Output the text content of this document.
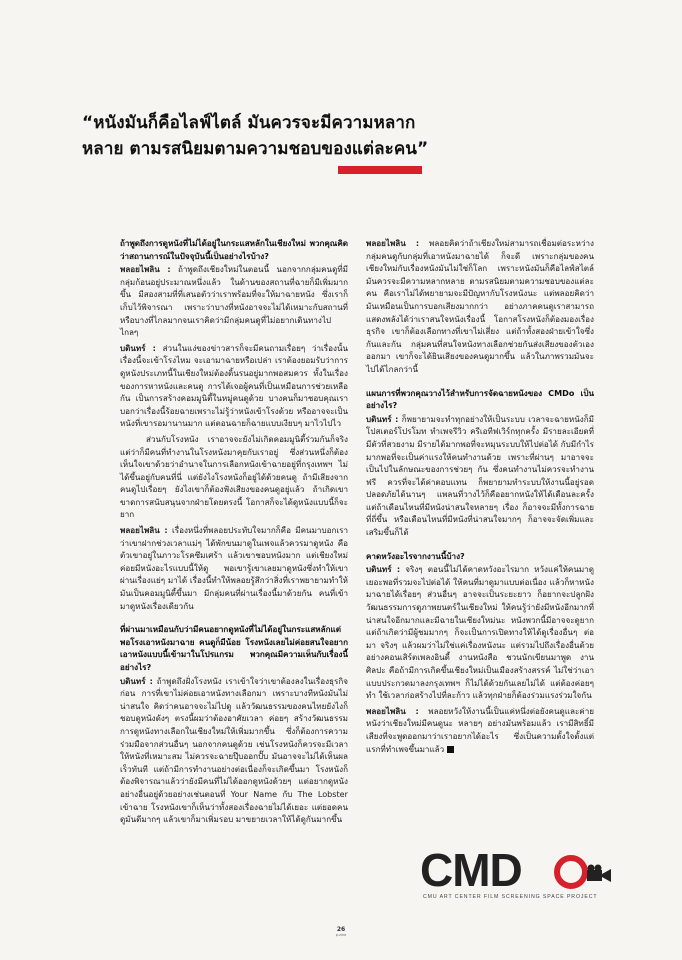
“หนังมันก็คือไลฟ์ไตล์ มันควรจะมีความหลากหลาย ตามรสนิยมตามความชอบของแต่ละคน”

ถ้าพูดถึงการดูหนังที่ไม่ได้อยู่ในกระแสหลักในเชียงใหม่ พวกคุณคิดว่าสถานการณ์ในปัจจุบันนี้เป็นอย่างไรบ้าง?

พลอยไพลิน : ถ้าพูดถึงเชียงใหม่ในตอนนี้ นอกจากกลุ่มคนดูที่มีกลุ่มก้อนอยู่ประมาณหนึ่งแล้ว ในด้านของสถานที่ฉายก็มีเพิ่มมากขึ้น มีสองสามที่ที่เสนอตัวว่าเราพร้อมที่จะให้มาฉายหนัง ซึ่งเราก็เก็บไว้พิจารณา เพราะว่าบางที่หนังอาจจะไม่ได้เหมาะกับสถานที่ หรือบางที่ไกลมากจนเราคิดว่ามีกลุ่มคนดูที่ไม่อยากเดินทางไปไกลๆ

บดินทร์ : ส่วนในแง่ของข่าวสารก็จะมีคนถามเรื่อยๆ ว่าเรื่องนั้นเรื่องนี้จะเข้าโรงไหม จะเอามาฉายหรือเปล่า เราต้องยอมรับว่าการดูหนังประเภทนี้ในเชียงใหม่ต้องดิ้นรนอยู่มากพอสมควร ทั้งในเรื่องของการหาหนังและคนดู การได้เจอผู้คนที่เป็นเหมือนการช่วยเหลือกัน เป็นการสร้างคอมมูนิตี้ในหมู่คนดูด้วย บางคนก็มาชอบคุณเราบอกว่าเรื่องนี้ร้อยฉายเพราะไม่รู้ว่าหนังเข้าโรงด้วย หรืออาจจะเป็นหนังที่เขารอมานานมาก แต่ตอนฉายก็ฉายแบบเงียบๆ มาไวไปไว

ส่วนกับโรงหนัง เราอาจจะยังไม่เกิดคอมมูนิตี้ร่วมกันก็จริงแต่ว่าก็มีคนที่ทำงานในโรงหนังมาคุยกับเราอยู่ ซึ่งส่วนหนึ่งก็ต้องเห็นใจเขาด้วยว่าอำนาจในการเลือกหนังเข้าฉายอยู่ที่กรุงเทพฯ ไม่ได้ขึ้นอยู่กับคนที่นี่ แต่ยังไงโรงหนังก็อยู่ได้ด้วยคนดู ถ้ามีเสียงจากคนดูไปเรื่อยๆ ยังไงเขาก็ต้องฟังเสียงของคนดูอยู่แล้ว ถ้าเกิดเขาขาดการสนับสนุนจากฝ่ายโดยตรงนี้ โอกาสก็จะได้ดูหนังแบบนี้ก็จะยาก

พลอยไพลิน : เรื่องหนึ่งที่พลอยประทับใจมากก็คือ มีคนมาบอกเราว่าเขาฝากช่วงเวลาแม่ๆ ได้พักขนมาดูในเพจแล้วควรมาดูหนัง คือตัวเขาอยู่ในภาวะโรคซึมเศร้า แล้วเขาชอบหนังมาก แต่เชียงใหม่ค่อยมีหนังอะไรแบบนี้ให้ดู พอเขารู้เขาเลยมาดูหนังซึ่งทำให้เขาผ่านเรื่องแย่ๆ มาได้ เรื่องนี้ทำให้พลอยรู้สึกว่าสิ่งที่เราพยายามทำให้มันเป็นคอมมูนิตี้ขึ้นมา มีกลุ่มคนที่ผ่านเรื่องนี้มาด้วยกัน คนที่เข้ามาดูหนังเรื่องเดียวกัน

ที่ผ่านมาเหมือนกับว่ามีคนอยากดูหนังที่ไม่ได้อยู่ในกระแสหลักแต่พอโรงเอาหนังมาฉาย คนดูก็มีน้อย โรงหนังเลยไม่ค่อยสนใจอยากเอาหนังแบบนี้เข้ามาในโปรแกรม พวกคุณมีความเห็นกับเรื่องนี้อย่างไร?

บดินทร์ : ถ้าพูดถึงฝั่งโรงหนัง เราเข้าใจว่าเขาต้องลงในเรื่องธุรกิจก่อน การที่เขาไม่ค่อยเอาหนังทางเลือกมา เพราะบางทีหนังมันไม่น่าสนใจ คิดว่าคนอาจจะไม่ไปดู แล้ววัฒนธรรมของคนไทยยังไงก็ชอบดูหนังดังๆ ตรงนี้ผมว่าต้องอาศัยเวลา ค่อยๆ สร้างวัฒนธรรมการดูหนังทางเลือกในเชียงใหม่ให้เพิ่มมากขึ้น ซึ่งก็ต้องการความร่วมมือจากส่วนอื่นๆ นอกจากคนดูด้วย เช่นโรงหนังก็ควรจะมีเวลาให้หนังที่เหมาะสม ไม่ควรจะฉายปุ๊บออกปั๊บ มันอาจจะไม่ได้เห็นผลเร็วทันที แต่ถ้ามีการทำงานอย่างต่อเนื่องก็จะเกิดขึ้นมา โรงหนังก็ต้องพิจารณาแล้วว่ายังมีคนที่ไม่ได้ออกดูหนังด้วยๆ แต่อยากดูหนังอย่างอื่นอยู่ด้วยอย่างเช่นตอนที่ Your Name กับ The Lobster เข้าฉาย โรงหนังเขาก็เห็นว่าทั้งสองเรื่องฉายไม่ได้เยอะ แต่ยอดคนดูมันดีมากๆ แล้วเขาก็มาเพิ่มรอบ มาขยายเวลาให้ได้ดูกันมากขึ้น

พลอยไพลิน : พลอยคิดว่าถ้าเชียงใหม่สามารถเชื่อมต่อระหว่างกลุ่มคนดูกับกลุ่มที่เอาหนังมาฉายได้ ก็จะดี เพราะกลุ่มของคนเชียงใหม่กับเรื่องหนังมันไม่ใช่ก็โลก เพราะหนังมันก็คือไลฟ์สไตล์ มันควรจะมีความหลากหลาย ตามรสนิยมตามความชอบของแต่ละคน คือเราไม่ได้พยายามจะมีปัญหากับโรงหนังนะ แต่พลอยคิดว่ามันเหมือนเป็นการบอกเสียงมากกว่า อย่างภาคคนดูเราสามารถแสดงพลังได้ว่าเราสนใจหนังเรื่องนี้ โอกาสโรงหนังก็ต้องมองเรื่องธุรกิจ เขาก็ต้องเลือกทางที่เขาไม่เสี่ยง แต่ถ้าทั้งสองฝ่ายเข้าใจซึ่งกันและกัน กลุ่มคนที่สนใจหนังทางเลือกช่วยกันส่งเสียงของตัวเองออกมา เขาก็จะได้ยินเสียงของคนดูมากขึ้น แล้วในภาพรวมมันจะไปได้ไกลกว่านี้

แผนการที่พวกคุณวางไว้สำหรับการจัดฉายหนังของ CMDo เป็นอย่างไร?

บดินทร์ : ก็พยายามจะทำทุกอย่างให้เป็นระบบ เวลาจะฉายหนังก็มีโปสเตอร์โปรโมท ทำเพจรีวิว ครีเอทีฟเวิร์กทุกครั้ง มีรายละเอียดที่ มีตัวที่สวยงาม มีรายได้มากพอที่จะหมุนระบบให้ไปต่อได้ กับมีกำไรมากพอที่จะเป็นค่าแรงให้คนทำงานด้วย เพราะที่ผ่านๆ มาอาจจะเป็นไปในลักษณะของการช่วยๆ กัน ซึ่งคนทำงานไม่ควรจะทำงานฟรี ควรที่จะได้ค่าตอบแทน ก็พยายามทำระบบให้งานนี้อยู่รอดปลอดภัยได้นานๆ แพลนที่วางไว้ก็คืออยากหนังให้ได้เดือนละครั้งแต่ถ้าเดือนไหนที่มีหนังน่าสนใจหลายๆ เรื่อง ก็อาจจะมีทั้งการฉายที่ถี่ขึ้น หรือเดือนไหนที่มีหนังที่น่าสนใจมากๆ ก็อาจจะจัดเพิ่มและเสริมขึ้นก็ได้

คาดหวังอะไรจากงานนี้บ้าง?

บดินทร์ : จริงๆ ตอนนี้ไม่ได้คาดหวังอะไรมาก หวังแค่ให้คนมาดูเยอะพอที่รวมจะไปต่อได้ ให้คนที่มาดูมาแบบต่อเนื่อง แล้วก็หาหนังมาฉายได้เรื่อยๆ ส่วนอื่นๆ อาจจะเป็นระยะยาว ก็อยากจะปลูกฝังวัฒนธรรมการดูภาพยนตร์ในเชียงใหม่ ให้คนรู้ว่ายังมีหนังอีกมากที่น่าสนใจอีกมากและมีฉายในเชียงใหม่นะ หนังพวกนี้มีอาจจะดูยาก แต่ถ้าเกิดว่ามีผู้ชมมากๆ ก็จะเป็นการเปิดทางให้ได้ดูเรื่องอื่นๆ ต่อมา จริงๆ แล้วผมว่าไม่ใช่แค่เรื่องหนังนะ แต่รวมไปถึงเรื่องอื่นด้วย อย่างคอนเสิร์ตเพลงอินดี้ งานหนังสือ ชวนนักเขียนมาพูด งานศิลปะ คือถ้ามีการเกิดขึ้นเชียงใหม่เป็นเมืองสร้างสรรค์ ไม่ใช่ว่าเอาแบบประกวดมาลงกรุงเทพฯ ก็ไม่ได้ด้วยกันเลยไม่ได้ แต่ต้องค่อยๆ ทำ ใช้เวลาก่อสร้างไปที่ละก้าว แล้วทุกฝ่ายก็ต้องร่วมแรงร่วมใจกัน

พลอยไพลิน : พลอยหวังให้งานนี้เป็นแค่หนึ่งต่อยังคนดูและค่ายหนังว่าเชียงใหม่มีคนดูนะ หลายๆ อย่างมันพร้อมแล้ว เรามีสิทธิ์มีเสียงที่จะพูดออกมาว่าเราอยากได้อะไร ซึ่งเป็นความตั้งใจตั้งแต่แรกที่ทำเพจขึ้นมาแล้ว

CMD
CMU ART CENTER FILM SCREENING SPACE PROJECT
26
p.zine
